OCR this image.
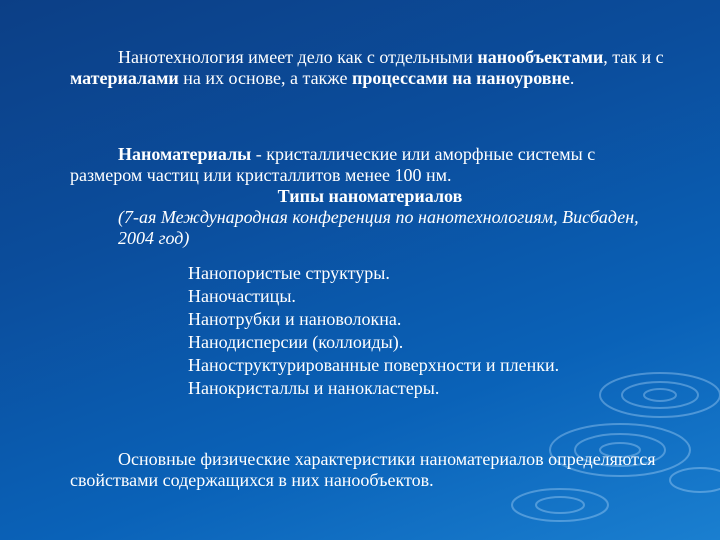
Нанотехнология имеет дело как с отдельными нанообъектами, так и с материалами на их основе, а также процессами на наноуровне.

Наноматериалы - кристаллические или аморфные системы с размером частиц или кристаллитов менее 100 нм.

Типы наноматериалов

(7-ая Международная конференция по нанотехнологиям, Висбаден, 2004 год)

Нанопористые структуры.
Наночастицы.
Нанотрубки и нановолокна.
Нанодисперсии (коллоиды).
Наноструктурированные поверхности и пленки.
Нанокристаллы и нанокластеры.

Основные физические характеристики наноматериалов определяются свойствами содержащихся в них нанообъектов.
